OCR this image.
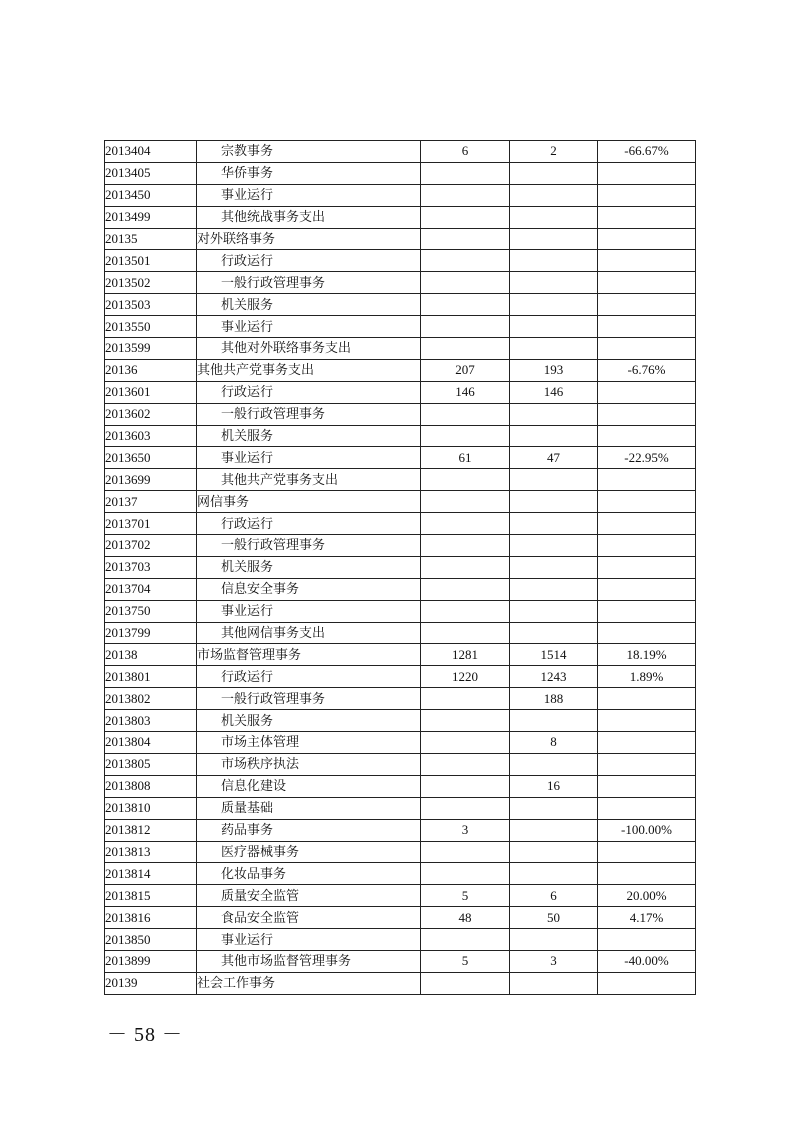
2013404	宗教事务	6	2	-66.67%
2013405	华侨事务			
2013450	事业运行			
2013499	其他统战事务支出			
20135	对外联络事务			
2013501	行政运行			
2013502	一般行政管理事务			
2013503	机关服务			
2013550	事业运行			
2013599	其他对外联络事务支出			
20136	其他共产党事务支出	207	193	-6.76%
2013601	行政运行	146	146	
2013602	一般行政管理事务			
2013603	机关服务			
2013650	事业运行	61	47	-22.95%
2013699	其他共产党事务支出			
20137	网信事务			
2013701	行政运行			
2013702	一般行政管理事务			
2013703	机关服务			
2013704	信息安全事务			
2013750	事业运行			
2013799	其他网信事务支出			
20138	市场监督管理事务	1281	1514	18.19%
2013801	行政运行	1220	1243	1.89%
2013802	一般行政管理事务		188	
2013803	机关服务			
2013804	市场主体管理		8	
2013805	市场秩序执法			
2013808	信息化建设		16	
2013810	质量基础			
2013812	药品事务	3		-100.00%
2013813	医疗器械事务			
2013814	化妆品事务			
2013815	质量安全监管	5	6	20.00%
2013816	食品安全监管	48	50	4.17%
2013850	事业运行			
2013899	其他市场监督管理事务	5	3	-40.00%
20139	社会工作事务			
－ 58 －
